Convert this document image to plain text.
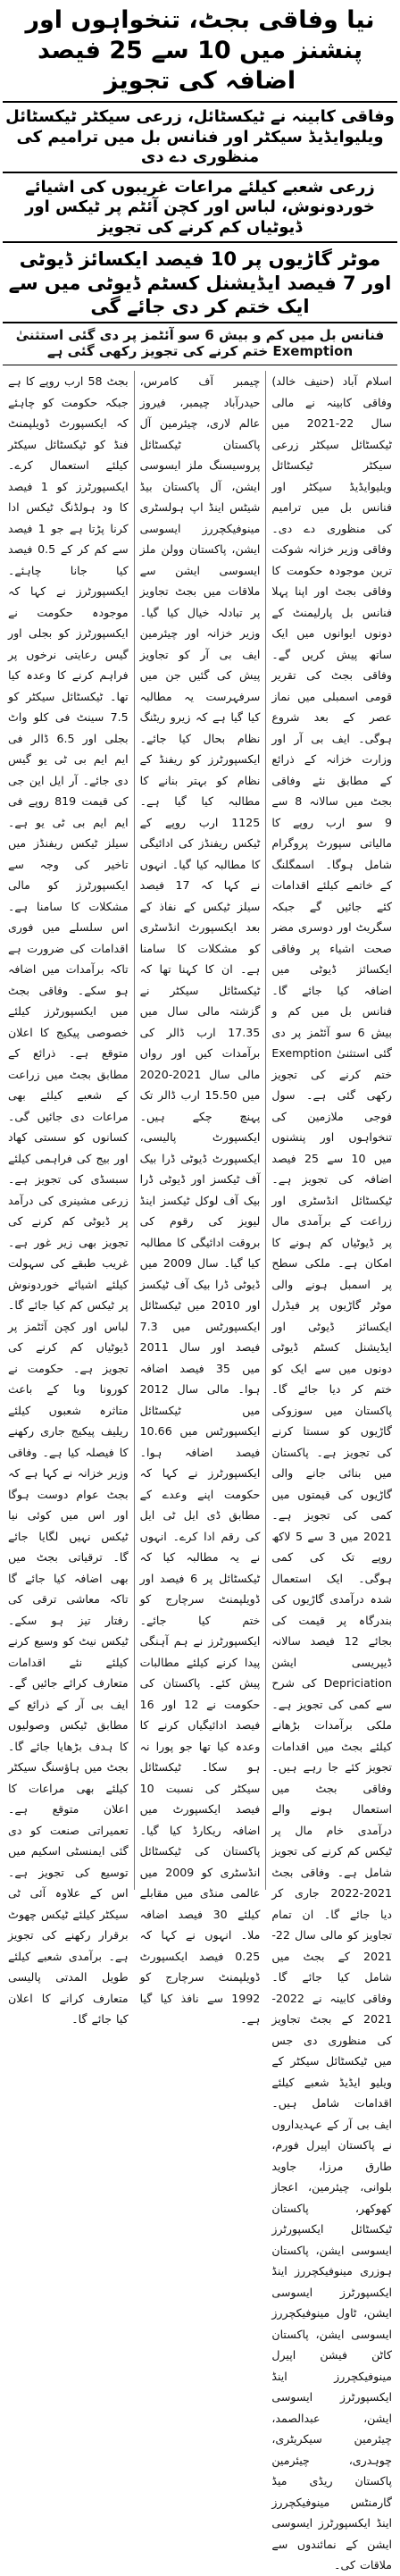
نیا وفاقی بجٹ، تنخواہوں اور پنشنز میں 10 سے 25 فیصد اضافہ کی تجویز
وفاقی کابینہ نے ٹیکسٹائل، زرعی سیکٹر ٹیکسٹائل ویلیوایڈیڈ سیکٹر اور فنانس بل میں ترامیم کی منظوری دے دی
زرعی شعبے کیلئے مراعات غریبوں کی اشیائے خوردونوش، لباس اور کچن آئٹم پر ٹیکس اور ڈیوٹیاں کم کرنے کی تجویز
موٹر گاڑیوں پر 10 فیصد ایکسائز ڈیوٹی اور 7 فیصد ایڈیشنل کسٹم ڈیوٹی میں سے ایک ختم کر دی جائے گی
فنانس بل میں کم و بیش 6 سو آئٹمز پر دی گئی استثنیٰ Exemption ختم کرنے کی تجویز رکھی گئی ہے

اسلام آباد (حنیف خالد) وفاقی کابینہ نے مالی سال 22-2021 میں ٹیکسٹائل سیکٹر زرعی سیکٹر ٹیکسٹائل ویلیوایڈیڈ سیکٹر اور فنانس بل میں ترامیم کی منظوری دے دی۔ وفاقی وزیر خزانہ شوکت ترین موجودہ حکومت کا وفاقی بجٹ اور اپنا پہلا فنانس بل پارلیمنٹ کے دونوں ایوانوں میں ایک ساتھ پیش کریں گے۔ وفاقی بجٹ کی تقریر قومی اسمبلی میں نماز عصر کے بعد شروع ہوگی۔ ایف بی آر اور وزارت خزانہ کے ذرائع کے مطابق نئے وفاقی بجٹ میں سالانہ 8 سے 9 سو ارب روپے کا مالیاتی سپورٹ پروگرام شامل ہوگا۔ اسمگلنگ کے خاتمے کیلئے اقدامات کئے جائیں گے جبکہ سگریٹ اور دوسری مضر صحت اشیاء پر وفاقی ایکسائز ڈیوٹی میں اضافہ کیا جائے گا۔ فنانس بل میں کم و بیش 6 سو آئٹمز پر دی گئی استثنیٰ Exemption ختم کرنے کی تجویز رکھی گئی ہے۔ سول فوجی ملازمین کی تنخواہوں اور پنشنوں میں 10 سے 25 فیصد اضافہ کی تجویز ہے۔ ٹیکسٹائل انڈسٹری اور زراعت کے برآمدی مال پر ڈیوٹیاں کم ہونے کا امکان ہے۔ ملکی سطح پر اسمبل ہونے والی موٹر گاڑیوں پر فیڈرل ایکسائز ڈیوٹی اور ایڈیشنل کسٹم ڈیوٹی دونوں میں سے ایک کو ختم کر دیا جائے گا۔ پاکستان میں سوزوکی گاڑیوں کو سستا کرنے کی تجویز ہے۔ پاکستان میں بنائی جانے والی گاڑیوں کی قیمتوں میں کمی کی تجویز ہے۔ 2021 میں 3 سے 5 لاکھ روپے تک کی کمی ہوگی۔ ایک استعمال شدہ درآمدی گاڑیوں کی بندرگاہ پر قیمت کی بجائے 12 فیصد سالانہ ڈیپریسی ایشن Depriciation کی شرح سے کمی کی تجویز ہے۔ ملکی برآمدات بڑھانے کیلئے بجٹ میں اقدامات تجویز کئے جا رہے ہیں۔ وفاقی بجٹ میں استعمال ہونے والے درآمدی خام مال پر ٹیکس کم کرنے کی تجویز شامل ہے۔ وفاقی بجٹ 2021-2022 جاری کر دیا جائے گا۔ ان تمام تجاویز کو مالی سال 22-2021 کے بجٹ میں شامل کیا جائے گا۔ وفاقی کابینہ نے 2022-2021 کے بجٹ تجاویز کی منظوری دی جس میں ٹیکسٹائل سیکٹر کے ویلیو ایڈیڈ شعبے کیلئے اقدامات شامل ہیں۔ ایف بی آر کے عہدیداروں نے پاکستان اپیرل فورم، طارق مرزا، جاوید بلوانی، چیئرمین، اعجاز کھوکھر، پاکستان ٹیکسٹائل ایکسپورٹرز ایسوسی ایشن، پاکستان ہوزری مینوفیکچررز اینڈ ایکسپورٹرز ایسوسی ایشن، ٹاول مینوفیکچررز ایسوسی ایشن، پاکستان کاٹن فیشن اپیرل مینوفیکچررز اینڈ ایکسپورٹرز ایسوسی ایشن، عبدالصمد، چیئرمین سیکریٹری، چوہدری، چیئرمین پاکستان ریڈی میڈ گارمنٹس مینوفیکچررز اینڈ ایکسپورٹرز ایسوسی ایشن کے نمائندوں سے ملاقات کی۔

چیمبر آف کامرس، حیدرآباد چیمبر، فیروز عالم لاری، چیئرمین آل پاکستان ٹیکسٹائل پروسیسنگ ملز ایسوسی ایشن، آل پاکستان بیڈ شیٹس اینڈ اپ ہولسٹری مینوفیکچررز ایسوسی ایشن، پاکستان وولن ملز ایسوسی ایشن سے ملاقات میں بجٹ تجاویز پر تبادلہ خیال کیا گیا۔ وزیر خزانہ اور چیئرمین ایف بی آر کو تجاویز پیش کی گئیں جن میں سرفہرست یہ مطالبہ کیا گیا ہے کہ زیرو ریٹنگ نظام بحال کیا جائے۔ ایکسپورٹرز کو ریفنڈ کے نظام کو بہتر بنانے کا مطالبہ کیا گیا ہے۔ 1125 ارب روپے کے ٹیکس ریفنڈز کی ادائیگی کا مطالبہ کیا گیا۔ انہوں نے کہا کہ 17 فیصد سیلز ٹیکس کے نفاذ کے بعد ایکسپورٹ انڈسٹری کو مشکلات کا سامنا ہے۔ ان کا کہنا تھا کہ ٹیکسٹائل سیکٹر نے گزشتہ مالی سال میں 17.35 ارب ڈالر کی برآمدات کیں اور رواں مالی سال 2021-2020 میں 15.50 ارب ڈالر تک پہنچ چکے ہیں۔ ایکسپورٹ پالیسی، ایکسپورٹ ڈیوٹی ڈرا بیک آف ٹیکسز اور ڈیوٹی ڈرا بیک آف لوکل ٹیکسز اینڈ لیویز کی رقوم کی بروقت ادائیگی کا مطالبہ کیا گیا۔ سال 2009 میں ڈیوٹی ڈرا بیک آف ٹیکسز اور 2010 میں ٹیکسٹائل ایکسپورٹس میں 7.3 فیصد اور سال 2011 میں 35 فیصد اضافہ ہوا۔ مالی سال 2012 میں ٹیکسٹائل ایکسپورٹس میں 10.66 فیصد اضافہ ہوا۔ ایکسپورٹرز نے کہا کہ حکومت اپنے وعدے کے مطابق ڈی ایل ٹی ایل کی رقم ادا کرے۔ انہوں نے یہ مطالبہ کیا کہ ٹیکسٹائل پر 6 فیصد اور ڈویلپمنٹ سرچارج کو ختم کیا جائے۔ ایکسپورٹرز نے ہم آہنگی پیدا کرنے کیلئے مطالبات پیش کئے۔ پاکستان کی حکومت نے 12 اور 16 فیصد ادائیگیاں کرنے کا وعدہ کیا تھا جو پورا نہ ہو سکا۔ ٹیکسٹائل سیکٹر کی نسبت 10 فیصد ایکسپورٹ میں اضافہ ریکارڈ کیا گیا۔ پاکستان کی ٹیکسٹائل انڈسٹری کو 2009 میں عالمی منڈی میں مقابلے کیلئے 30 فیصد اضافہ ملا۔ انہوں نے کہا کہ 0.25 فیصد ایکسپورٹ ڈویلپمنٹ سرچارج کو 1992 سے نافذ کیا گیا ہے۔

بجٹ 58 ارب روپے کا ہے جبکہ حکومت کو چاہئے کہ ایکسپورٹ ڈویلپمنٹ فنڈ کو ٹیکسٹائل سیکٹر کیلئے استعمال کرے۔ ایکسپورٹرز کو 1 فیصد کا ود ہولڈنگ ٹیکس ادا کرنا پڑتا ہے جو 1 فیصد سے کم کر کے 0.5 فیصد کیا جانا چاہئے۔ ایکسپورٹرز نے کہا کہ موجودہ حکومت نے ایکسپورٹرز کو بجلی اور گیس رعایتی نرخوں پر فراہم کرنے کا وعدہ کیا تھا۔ ٹیکسٹائل سیکٹر کو 7.5 سینٹ فی کلو واٹ بجلی اور 6.5 ڈالر فی ایم ایم بی ٹی یو گیس دی جائے۔ آر ایل این جی کی قیمت 819 روپے فی ایم ایم بی ٹی یو ہے۔ سیلز ٹیکس ریفنڈز میں تاخیر کی وجہ سے ایکسپورٹرز کو مالی مشکلات کا سامنا ہے۔ اس سلسلے میں فوری اقدامات کی ضرورت ہے تاکہ برآمدات میں اضافہ ہو سکے۔ وفاقی بجٹ میں ایکسپورٹرز کیلئے خصوصی پیکیج کا اعلان متوقع ہے۔ ذرائع کے مطابق بجٹ میں زراعت کے شعبے کیلئے بھی مراعات دی جائیں گی۔ کسانوں کو سستی کھاد اور بیج کی فراہمی کیلئے سبسڈی کی تجویز ہے۔ زرعی مشینری کی درآمد پر ڈیوٹی کم کرنے کی تجویز بھی زیر غور ہے۔ غریب طبقے کی سہولت کیلئے اشیائے خوردونوش پر ٹیکس کم کیا جائے گا۔ لباس اور کچن آئٹمز پر ڈیوٹیاں کم کرنے کی تجویز ہے۔ حکومت نے کورونا وبا کے باعث متاثرہ شعبوں کیلئے ریلیف پیکیج جاری رکھنے کا فیصلہ کیا ہے۔ وفاقی وزیر خزانہ نے کہا ہے کہ بجٹ عوام دوست ہوگا اور اس میں کوئی نیا ٹیکس نہیں لگایا جائے گا۔ ترقیاتی بجٹ میں بھی اضافہ کیا جائے گا تاکہ معاشی ترقی کی رفتار تیز ہو سکے۔ ٹیکس نیٹ کو وسیع کرنے کیلئے نئے اقدامات متعارف کرائے جائیں گے۔ ایف بی آر کے ذرائع کے مطابق ٹیکس وصولیوں کا ہدف بڑھایا جائے گا۔ بجٹ میں ہاؤسنگ سیکٹر کیلئے بھی مراعات کا اعلان متوقع ہے۔ تعمیراتی صنعت کو دی گئی ایمنسٹی اسکیم میں توسیع کی تجویز ہے۔ اس کے علاوہ آئی ٹی سیکٹر کیلئے ٹیکس چھوٹ برقرار رکھنے کی تجویز ہے۔ برآمدی شعبے کیلئے طویل المدتی پالیسی متعارف کرانے کا اعلان کیا جائے گا۔
